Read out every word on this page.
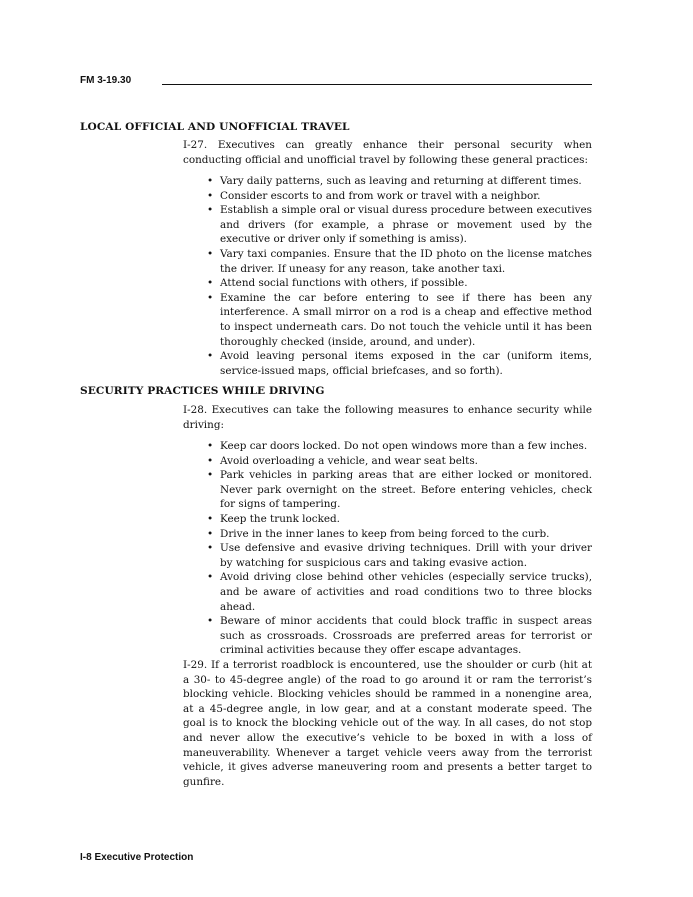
FM 3-19.30
LOCAL OFFICIAL AND UNOFFICIAL TRAVEL

I-27. Executives can greatly enhance their personal security when conducting official and unofficial travel by following these general practices:

• Vary daily patterns, such as leaving and returning at different times.
• Consider escorts to and from work or travel with a neighbor.
• Establish a simple oral or visual duress procedure between executives and drivers (for example, a phrase or movement used by the executive or driver only if something is amiss).
• Vary taxi companies. Ensure that the ID photo on the license matches the driver. If uneasy for any reason, take another taxi.
• Attend social functions with others, if possible.
• Examine the car before entering to see if there has been any interference. A small mirror on a rod is a cheap and effective method to inspect underneath cars. Do not touch the vehicle until it has been thoroughly checked (inside, around, and under).
• Avoid leaving personal items exposed in the car (uniform items, service-issued maps, official briefcases, and so forth).
SECURITY PRACTICES WHILE DRIVING

I-28. Executives can take the following measures to enhance security while driving:

• Keep car doors locked. Do not open windows more than a few inches.
• Avoid overloading a vehicle, and wear seat belts.
• Park vehicles in parking areas that are either locked or monitored. Never park overnight on the street. Before entering vehicles, check for signs of tampering.
• Keep the trunk locked.
• Drive in the inner lanes to keep from being forced to the curb.
• Use defensive and evasive driving techniques. Drill with your driver by watching for suspicious cars and taking evasive action.
• Avoid driving close behind other vehicles (especially service trucks), and be aware of activities and road conditions two to three blocks ahead.
• Beware of minor accidents that could block traffic in suspect areas such as crossroads. Crossroads are preferred areas for terrorist or criminal activities because they offer escape advantages.

I-29. If a terrorist roadblock is encountered, use the shoulder or curb (hit at a 30- to 45-degree angle) of the road to go around it or ram the terrorist’s blocking vehicle. Blocking vehicles should be rammed in a nonengine area, at a 45-degree angle, in low gear, and at a constant moderate speed. The goal is to knock the blocking vehicle out of the way. In all cases, do not stop and never allow the executive’s vehicle to be boxed in with a loss of maneuverability. Whenever a target vehicle veers away from the terrorist vehicle, it gives adverse maneuvering room and presents a better target to gunfire.

I-8 Executive Protection
